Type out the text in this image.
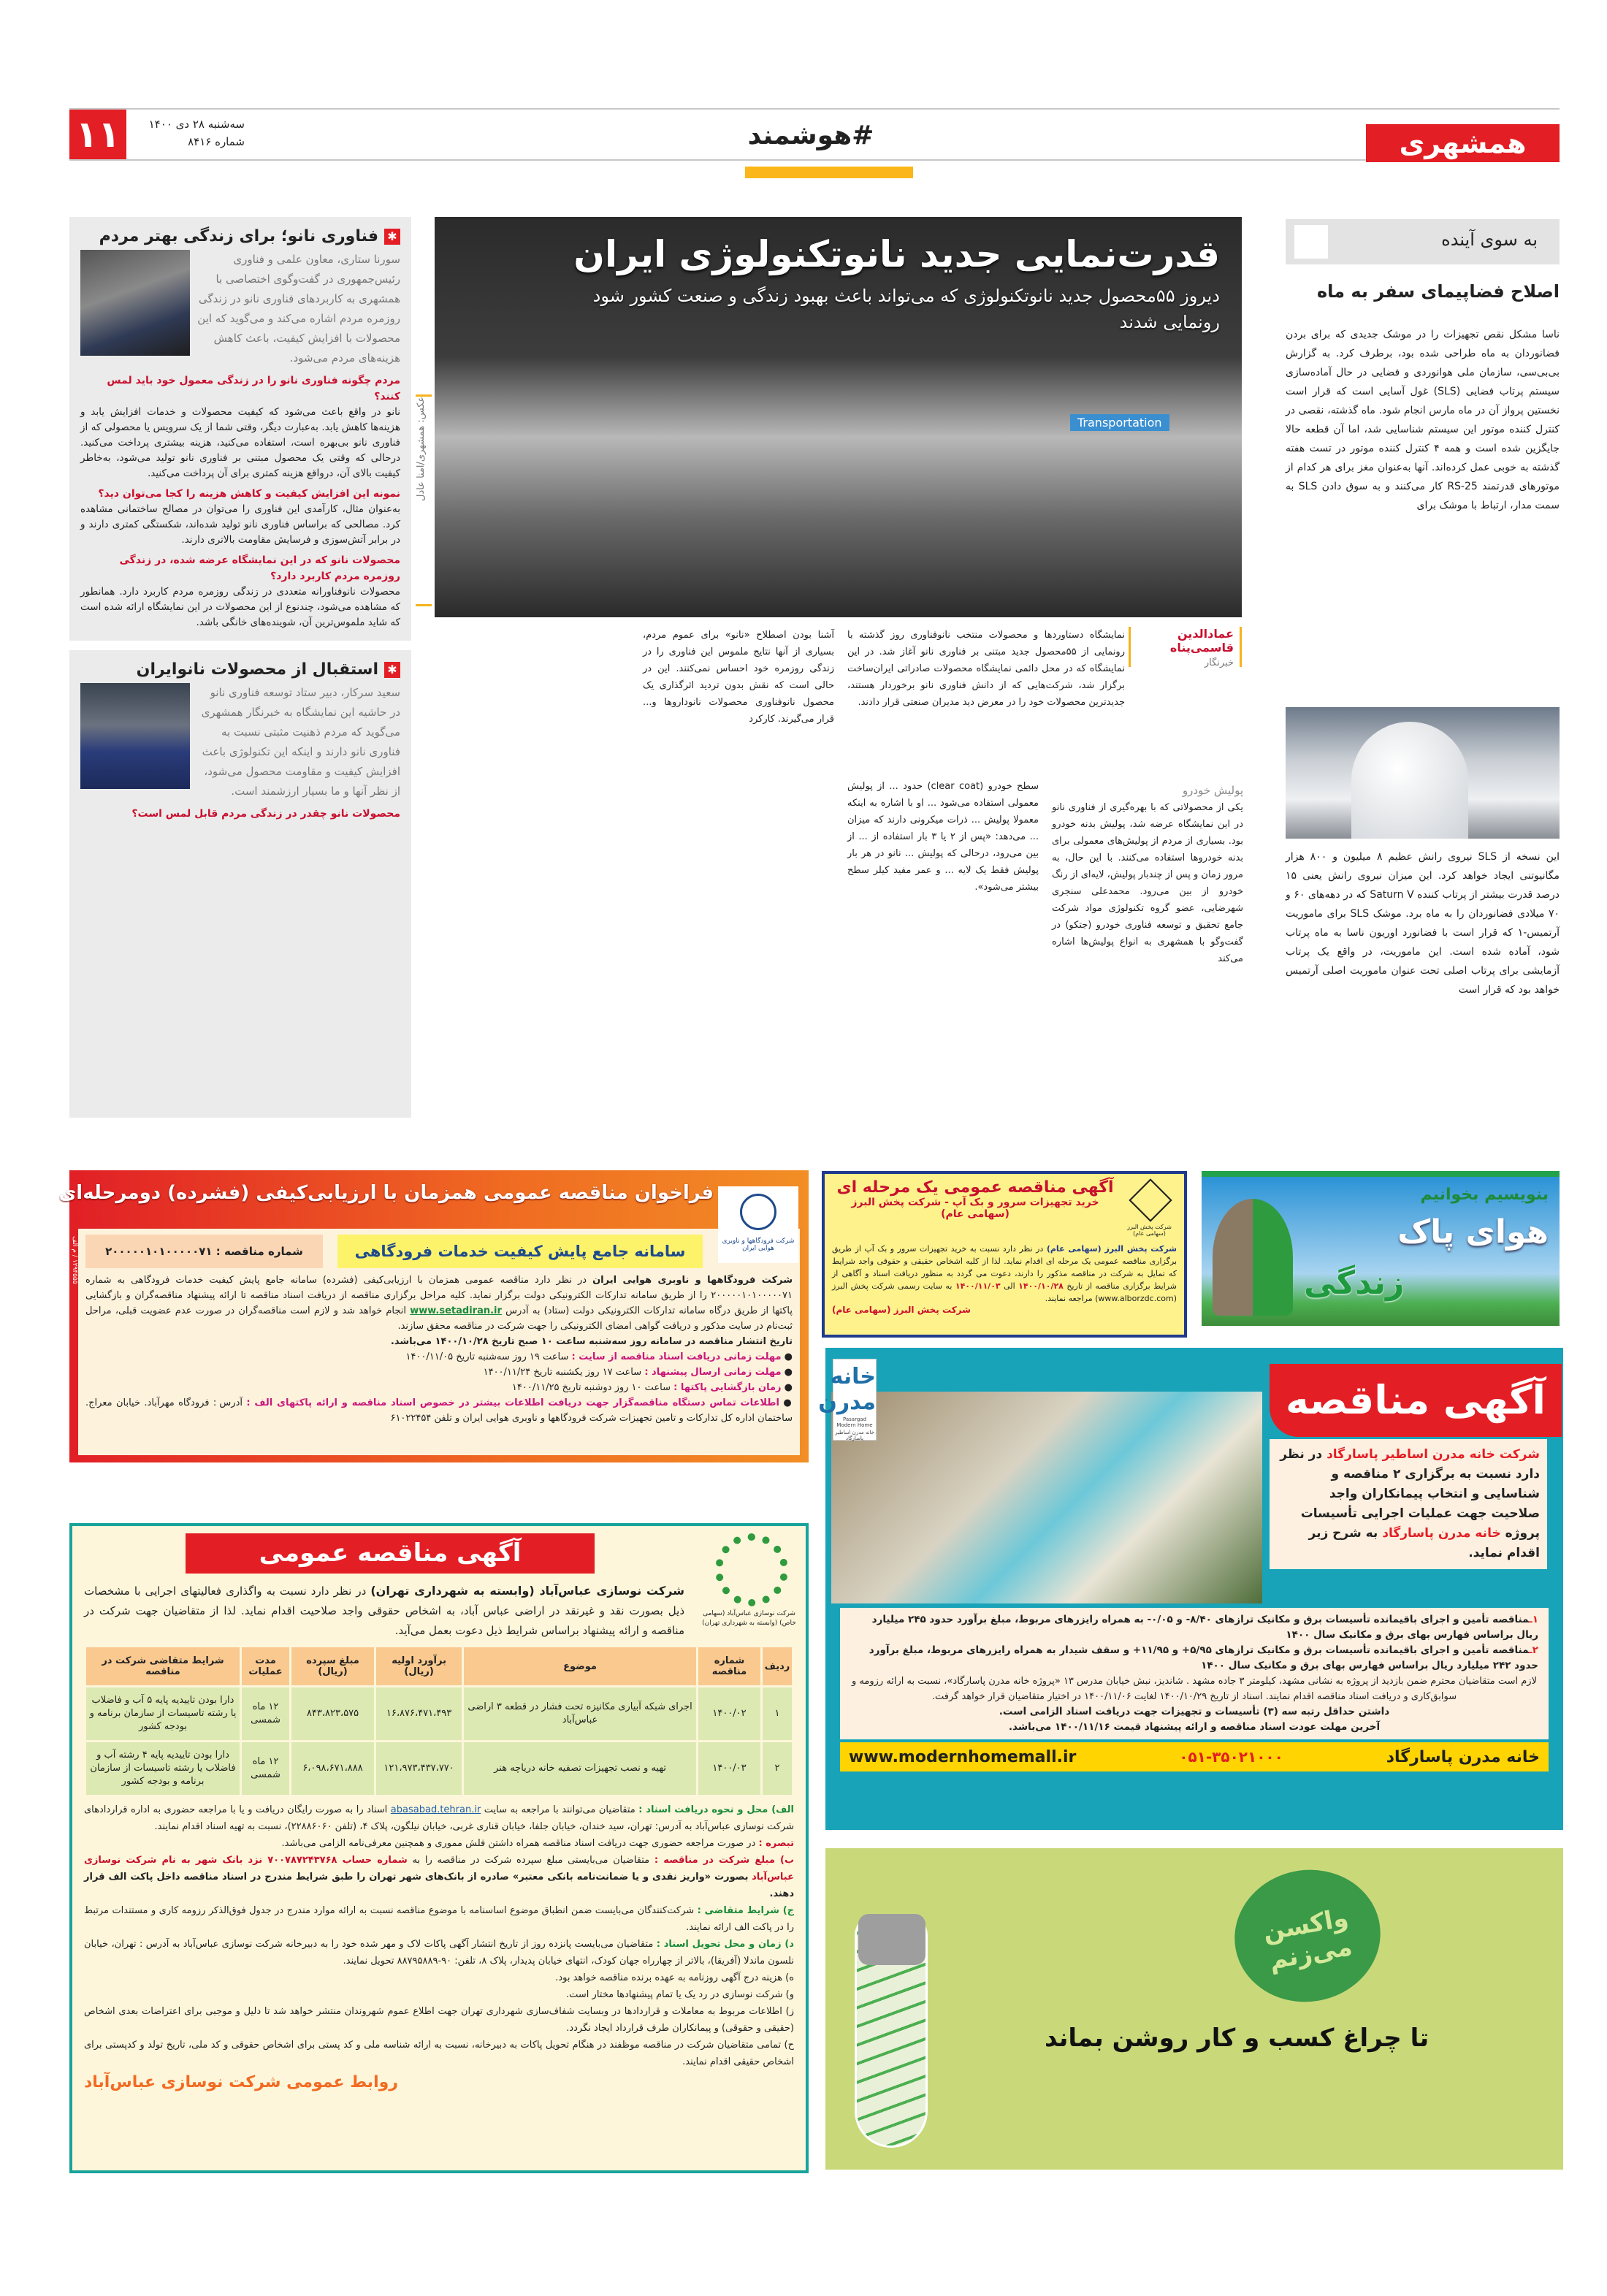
همشهری
#هوشمند
۱۱	سه‌شنبه ۲۸ دی ۱۴۰۰
شماره ۸۴۱۶
به سوی آینده
اصلاح فضاپیمای سفر به ماه

ناسا مشکل نقص تجهیزات را در موشک جدیدی که برای بردن فضانوردان به ماه طراحی شده بود، برطرف کرد. به گزارش بی‌بی‌سی، سازمان ملی هوانوردی و فضایی در حال آماده‌سازی سیستم پرتاب فضایی (SLS) غول آسایی است که قرار است نخستین پرواز آن در ماه مارس انجام شود. ماه گذشته، نقصی در کنترل کننده موتور این سیستم شناسایی شد، اما آن قطعه حالا جایگزین شده است و همه ۴ کنترل کننده موتور در تست هفته گذشته به خوبی عمل کرده‌اند. آنها به‌عنوان مغز برای هر کدام از موتورهای قدرتمند RS-25 کار می‌کنند و به سوق دادن SLS به سمت مدار، ارتباط با موشک برای

این نسخه از SLS نیروی رانش عظیم ۸ میلیون و ۸۰۰ هزار مگانیوتنی ایجاد خواهد کرد. این میزان نیروی رانش یعنی ۱۵ درصد قدرت بیشتر از پرتاب کننده Saturn V که در دهه‌های ۶۰ و ۷۰ میلادی فضانوردان را به ماه برد. موشک SLS برای ماموریت آرتمیس-۱ که قرار است با فضانورد اوریون ناسا به ماه پرتاب شود، آماده شده است. این ماموریت، در واقع یک پرتاب آزمایشی برای پرتاب اصلی تحت عنوان ماموریت اصلی آرتمیس خواهد بود که قرار است

قدرت‌نمایی جدید نانوتکنولوژی ایران
دیروز ۵۵محصول جدید نانوتکنولوژی که می‌تواند باعث بهبود زندگی و صنعت کشور شود رونمایی شدند
Transportation
عکس: همشهری/امنا عادل
عمادالدین قاسمی‌پناه
خبرنگار
نمایشگاه دستاوردها و محصولات منتخب نانوفناوری روز گذشته با رونمایی از ۵۵محصول جدید مبتنی بر فناوری نانو آغاز شد. در این نمایشگاه که در محل دائمی نمایشگاه محصولات صادراتی ایران‌ساخت برگزار شد، شرکت‌هایی که از دانش فناوری نانو برخوردار هستند، جدیدترین محصولات خود را در معرض دید مدیران صنعتی قرار دادند.
آشنا بودن اصطلاح «نانو» برای عموم مردم، بسیاری از آنها نتایج ملموس این فناوری را در زندگی روزمره خود احساس نمی‌کنند. این در حالی است که نقش بدون تردید اثرگذاری یک محصول نانوفناوری محصولات نانوداروها و... قرار می‌گیرند. کارکرد
پولیش خودرو
یکی از محصولاتی که با بهره‌گیری از فناوری نانو در این نمایشگاه عرضه شد، پولیش بدنه خودرو بود. بسیاری از مردم از پولیش‌های معمولی برای بدنه خودروها استفاده می‌کنند. با این حال، به مرور زمان و پس از چندبار پولیش، لایه‌ای از رنگ خودرو از بین می‌رود. محمدعلی سنجری شهرضایی، عضو گروه تکنولوژی مواد شرکت جامع تحقیق و توسعه فناوری خودرو (جتکو) در گفت‌وگو با همشهری به انواع پولیش‌ها اشاره می‌کند
سطح خودرو (clear coat) حدود ... از پولیش معمولی استفاده می‌شود ... او با اشاره به اینکه معمولا پولیش ... ذرات میکرونی دارند که میزان ... می‌دهد: «پس از ۲ یا ۳ بار استفاده از ... از بین می‌رود، درحالی که پولیش ... نانو در هر بار پولیش فقط یک لایه ... و عمر مفید کیلر سطح بیشتر می‌شود».
✱فناوری نانو؛ برای زندگی بهتر مردم
سورنا ستاری، معاون علمی و فناوری رئیس‌جمهوری در گفت‌وگوی اختصاصی با همشهری به کاربردهای فناوری نانو در زندگی روزمره مردم اشاره می‌کند و می‌گوید که این محصولات با افزایش کیفیت، باعث کاهش هزینه‌های مردم می‌شود.
مردم چگونه فناوری نانو را در زندگی معمول خود باید لمس کنند؟
نانو در واقع باعث می‌شود که کیفیت محصولات و خدمات افزایش یابد و هزینه‌ها کاهش یابد. به‌عبارت دیگر، وقتی شما از یک سرویس یا محصولی که از فناوری نانو بی‌بهره است، استفاده می‌کنید، هزینه بیشتری پرداخت می‌کنید. درحالی که وقتی یک محصول مبتنی بر فناوری نانو تولید می‌شود، به‌خاطر کیفیت بالای آن، درواقع هزینه کمتری برای آن پرداخت می‌کنید.
نمونه این افزایش کیفیت و کاهش هزینه را کجا می‌توان دید؟
به‌عنوان مثال، کارآمدی این فناوری را می‌توان در مصالح ساختمانی مشاهده کرد. مصالحی که براساس فناوری نانو تولید شده‌اند، شکستگی کمتری دارند و در برابر آتش‌سوزی و فرسایش مقاومت بالاتری دارند.
محصولات نانو که در این نمایشگاه عرضه شده، در زندگی روزمره مردم کاربرد دارد؟
محصولات نانوفناورانه متعددی در زندگی روزمره مردم کاربرد دارد. همانطور که مشاهده می‌شود، چندنوع از این محصولات در این نمایشگاه ارائه شده است که شاید ملموس‌ترین آن، شوینده‌های خانگی باشد.
✱استقبال از محصولات نانوایران
سعید سرکار، دبیر ستاد توسعه فناوری نانو در حاشیه این نمایشگاه به خبرنگار همشهری می‌گوید که مردم ذهنیت مثبتی نسبت به فناوری نانو دارند و اینکه این تکنولوژی باعث افزایش کیفیت و مقاومت محصول می‌شود، از نظر آنها و ما بسیار ارزشمند است.
محصولات نانو چقدر در زندگی مردم قابل لمس است؟
فراخوان مناقصه عمومی همزمان با ارزیابی‌کیفی (فشرده) دومرحله‌ای
شرکت فرودگاهها و ناوبری هوایی ایران
سامانه جامع پایش کیفیت خدمات فرودگاهی
شماره مناقصه : ۲۰۰۰۰۰۱۰۱۰۰۰۰۰۷۱
شرکت فرودگاهها و ناوبری هوایی ایران در نظر دارد مناقصه عمومی همزمان با ارزیابی‌کیفی (فشرده) سامانه جامع پایش کیفیت خدمات فرودگاهی به شماره ۲۰۰۰۰۰۱۰۱۰۰۰۰۰۷۱ را از طریق سامانه تدارکات الکترونیکی دولت برگزار نماید. کلیه مراحل برگزاری مناقصه از دریافت اسناد مناقصه تا ارائه پیشنهاد مناقصه‌گران و بازگشایی پاکتها از طریق درگاه سامانه تدارکات الکترونیکی دولت (ستاد) به آدرس www.setadiran.ir انجام خواهد شد و لازم است مناقصه‌گران در صورت عدم عضویت قبلی، مراحل ثبت‌نام در سایت مذکور و دریافت گواهی امضای الکترونیکی را جهت شرکت در مناقصه محقق سازند.
تاریخ انتشار مناقصه در سامانه روز سه‌شنبه ساعت ۱۰ صبح تاریخ ۱۴۰۰/۱۰/۲۸ می‌باشد.
● مهلت زمانی دریافت اسناد مناقصه از سایت : ساعت ۱۹ روز سه‌شنبه تاریخ ۱۴۰۰/۱۱/۰۵
● مهلت زمانی ارسال پیشنهاد : ساعت ۱۷ روز یکشنبه تاریخ ۱۴۰۰/۱۱/۲۴
● زمان بازگشایی پاکتها : ساعت ۱۰ روز دوشنبه تاریخ ۱۴۰۰/۱۱/۲۵
● اطلاعات تماس دستگاه مناقصه‌گزار جهت دریافت اطلاعات بیشتر در خصوص اسناد مناقصه و ارائه پاکتهای الف : آدرس : فرودگاه مهرآباد. خیابان معراج. ساختمان اداره کل تدارکات و تامین تجهیزات شرکت فرودگاهها و ناوبری هوایی ایران و تلفن ۶۱۰۲۲۴۵۴
۱۲۹۴۵۵۵ / م الف
شرکت پخش البرز (سهامی عام)
آگهی مناقصه عمومی یک مرحله ای
خرید تجهیزات سرور و بک آپ - شرکت پخش البرز (سهامی عام)

شرکت پخش البرز (سهامی عام) در نظر دارد نسبت به خرید تجهیزات سرور و بک آپ از طریق برگزاری مناقصه عمومی یک مرحله ای اقدام نماید. لذا از کلیه اشخاص حقیقی و حقوقی واجد شرایط که تمایل به شرکت در مناقصه مذکور را دارند، دعوت می گردد به منظور دریافت اسناد و آگاهی از شرایط برگزاری مناقصه از تاریخ ۱۴۰۰/۱۰/۲۸ الی ۱۴۰۰/۱۱/۰۳ به سایت رسمی شرکت پخش البرز (www.alborzdc.com) مراجعه نمایند.

شرکت پخش البرز (سهامی عام)
بنویسیم بخوانیم
هوای پاک
زندگی
خانه مدرن
Pasargad Modern Home
خانه مدرن اساطیر پاسارگاد
آگهی مناقصه
شرکت خانه مدرن اساطیر پاسارگاد در نظر دارد نسبت به برگزاری ۲ مناقصه و شناسایی و انتخاب پیمانکاران واجد صلاحیت جهت عملیات اجرایی تأسیسات پروژه خانه مدرن پاسارگاد به شرح زیر اقدام نماید.
۱ـمناقصه تأمین و اجرای باقیمانده تأسیسات برق و مکانیک ترازهای ۸/۴۰- و ۰/۰۵- به همراه رایزرهای مربوط، مبلغ برآورد حدود ۲۴۵ میلیارد ریال براساس فهارس بهای برق و مکانیک سال ۱۴۰۰
۲ـمناقصه تأمین و اجرای باقیمانده تأسیسات برق و مکانیک ترازهای ۵/۹۵+ و ۱۱/۹۵+ و سقف شیدار به همراه رایزرهای مربوط، مبلغ برآورد حدود ۲۴۲ میلیارد ریال براساس فهارس بهای برق و مکانیک سال ۱۴۰۰
لازم است متقاضیان محترم ضمن بازدید از پروژه به نشانی مشهد، کیلومتر ۳ جاده مشهد . شاندیز، نبش خیابان مدرس ۱۳ «پروژه خانه مدرن پاسارگاد»، نسبت به ارائه رزومه و سوابق‌کاری و دریافت اسناد مناقصه اقدام نمایند. اسناد از تاریخ ۱۴۰۰/۱۰/۲۹ لغایت ۱۴۰۰/۱۱/۰۶ در اختیار متقاضیان قرار خواهد گرفت.
داشتن حداقل رتبه سه (۳) تأسیسات و تجهیزات جهت دریافت اسناد الزامی است.
آخرین مهلت عودت اسناد مناقصه و ارائه پیشنهاد قیمت ۱۴۰۰/۱۱/۱۶ می‌باشد.
www.modernhomemall.ir	۰۵۱-۳۵۰۲۱۰۰۰	خانه مدرن پاسارگاد
آگهی مناقصه عمومی
شرکت نوسازی عباس‌آباد (سهامی خاص) (وابسته به شهرداری تهران)
شرکت نوسازی عباس‌آباد (وابسته به شهرداری تهران) در نظر دارد نسبت به واگذاری فعالیتهای اجرایی با مشخصات ذیل بصورت نقد و غیرنقد در اراضی عباس آباد، به اشخاص حقوقی واجد صلاحیت اقدام نماید. لذا از متقاضیان جهت شرکت در مناقصه و ارائه پیشنهاد براساس شرایط ذیل دعوت بعمل می‌آید.
ردیف	شماره مناقصه	موضوع	برآورد اولیه (ریال)	مبلغ سپرده (ریال)	مدت عملیات	شرایط متقاضی شرکت در مناقصه
۱	۱۴۰۰/۰۲	اجرای شبکه آبیاری مکانیزه تحت فشار در قطعه ۳ اراضی عباس‌آباد	۱۶،۸۷۶،۴۷۱،۴۹۳	۸۴۳،۸۲۳،۵۷۵	۱۲ ماه شمسی	دارا بودن تاییدیه پایه ۵ آب و فاضلاب یا رشته تاسیسات از سازمان برنامه و بودجه کشور
۲	۱۴۰۰/۰۳	تهیه و نصب تجهیزات تصفیه خانه دریاچه هنر	۱۲۱،۹۷۳،۴۳۷،۷۷۰	۶،۰۹۸،۶۷۱،۸۸۸	۱۲ ماه شمسی	دارا بودن تاییدیه پایه ۴ رشته آب و فاضلاب یا رشته تاسیسات از سازمان برنامه و بودجه کشور
الف) محل و نحوه دریافت اسناد : متقاضیان می‌توانند با مراجعه به سایت abasabad.tehran.ir اسناد را به صورت رایگان دریافت و یا با مراجعه حضوری به اداره قراردادهای شرکت نوسازی عباس‌آباد به آدرس: تهران، سید خندان، خیابان جلفا، خیابان قناری غربی، خیابان نیلگون، پلاک ۴، (تلفن ۲۲۸۸۶۰۶۰)، نسبت به تهیه اسناد اقدام نمایند.
تبصره : در صورت مراجعه حضوری جهت دریافت اسناد مناقصه همراه داشتن فلش مموری و همچنین معرفی‌نامه الزامی می‌باشد.
ب) مبلغ شرکت در مناقصه : متقاضیان می‌بایستی مبلغ سپرده شرکت در مناقصه را به شماره حساب ۷۰۰۷۸۷۲۴۳۷۶۸ نزد بانک شهر به نام شرکت نوسازی عباس‌آباد بصورت «واریز نقدی و یا ضمانت‌نامه بانکی معتبر» صادره از بانک‌های شهر تهران را طبق شرایط مندرج در اسناد مناقصه داخل پاکت الف قرار دهند.
ج) شرایط متقاضی : شرکت‌کنندگان می‌بایست ضمن انطباق موضوع اساسنامه با موضوع مناقصه نسبت به ارائه موارد مندرج در جدول فوق‌الذکر رزومه کاری و مستندات مرتبط را در پاکت الف ارائه نمایند.
د) زمان و محل تحویل اسناد : متقاضیان می‌بایست پانزده روز از تاریخ انتشار آگهی پاکات لاک و مهر شده خود را به دبیرخانه شرکت نوسازی عباس‌آباد به آدرس : تهران، خیابان نلسون ماندلا (آفریقا)، بالاتر از چهارراه جهان کودک، انتهای خیابان پدیدار، پلاک ۸، تلفن: ۹۰-۸۸۷۹۵۸۸۹ تحویل نمایند.
ه) هزینه درج آگهی روزنامه به عهده برنده مناقصه خواهد بود.
و) شرکت نوسازی در رد یک یا تمام پیشنهادها مختار است.
ز) اطلاعات مربوط به معاملات و قراردادها در وبسایت شفاف‌سازی شهرداری تهران جهت اطلاع عموم شهروندان منتشر خواهد شد تا دلیل و موجبی برای اعتراضات بعدی اشخاص (حقیقی و حقوقی) و پیمانکاران طرف قرارداد ایجاد نگردد.
ح) تمامی متقاضیان شرکت در مناقصه موظفند در هنگام تحویل پاکات به دبیرخانه، نسبت به ارائه شناسه ملی و کد پستی برای اشخاص حقوقی و کد ملی، تاریخ تولد و کدپستی برای اشخاص حقیقی اقدام نمایند.
روابط عمومی شرکت نوسازی عباس‌آباد
واکسن می‌زنم
تا چراغ کسب و کار روشن بماند
